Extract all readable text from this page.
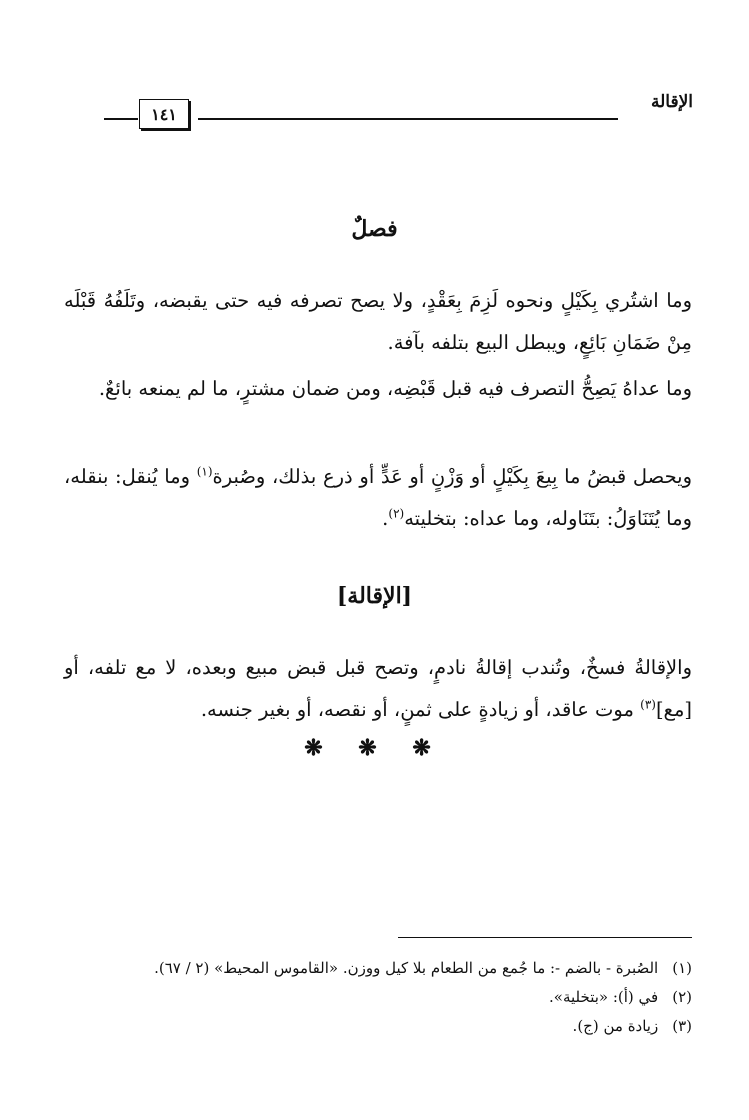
الإقالة
١٤١
فصلٌ

وما اشتُري بِكَيْلٍ ونحوه لَزِمَ بِعَقْدٍ، ولا يصح تصرفه فيه حتى يقبضه، وتَلَفُهُ قَبْلَه مِنْ ضَمَانِ بَائِعٍ، ويبطل البيع بتلفه بآفة.

وما عداهُ يَصِحُّ التصرف فيه قبل قَبْضِه، ومن ضمان مشترٍ، ما لم يمنعه بائعٌ.

ويحصل قبضُ ما بِيعَ بِكَيْلٍ أو وَزْنٍ أو عَدٍّ أو ذرع بذلك، وصُبرة$^{(١)}$ وما يُنقل: بنقله، وما يُتَنَاوَلُ: بتَنَاوله، وما عداه: بتخليته$^{(٢)}$.

[الإقالة]

والإقالةُ فسخٌ، وتُندب إقالةُ نادمٍ، وتصح قبل قبض مبيع وبعده، لا مع تلفه، أو [مع]$^{(٣)}$ موت عاقد، أو زيادةٍ على ثمنٍ، أو نقصه، أو بغير جنسه.

❋ ❋ ❋
(١)الصُبرة - بالضم -: ما جُمع من الطعام بلا كيل ووزن. «القاموس المحيط» (٢ / ٦٧).
(٢)في (أ): «بتخلية».
(٣)زيادة من (ج).
